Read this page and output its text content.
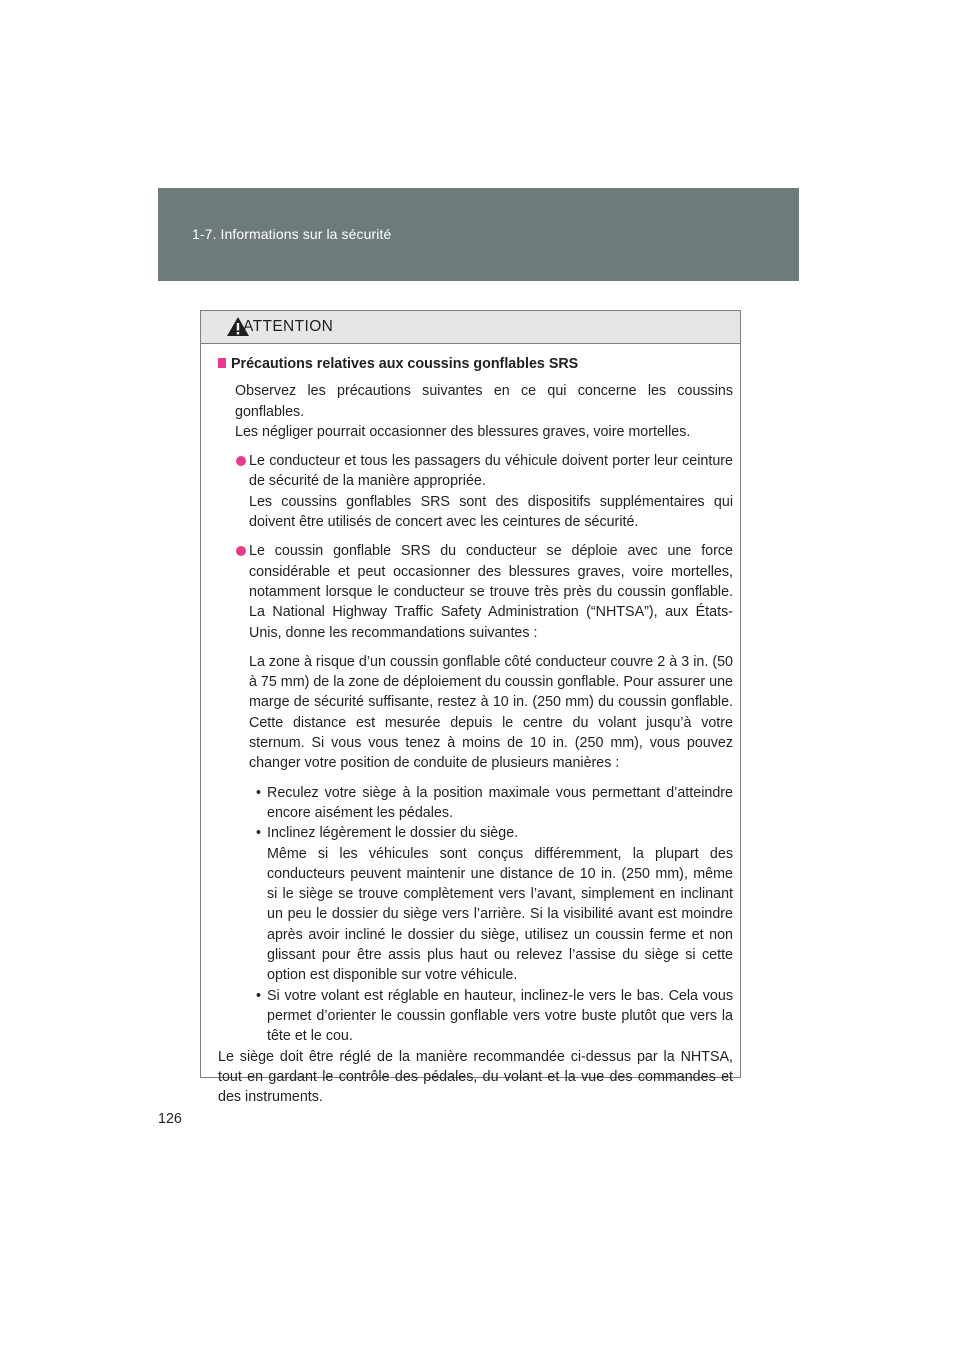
1-7. Informations sur la sécurité
ATTENTION
Précautions relatives aux coussins gonflables SRS

Observez les précautions suivantes en ce qui concerne les coussins gonflables.
Les négliger pourrait occasionner des blessures graves, voire mortelles.

Le conducteur et tous les passagers du véhicule doivent porter leur ceinture de sécurité de la manière appropriée.
Les coussins gonflables SRS sont des dispositifs supplémentaires qui doivent être utilisés de concert avec les ceintures de sécurité.
Le coussin gonflable SRS du conducteur se déploie avec une force considérable et peut occasionner des blessures graves, voire mortelles, notamment lorsque le conducteur se trouve très près du coussin gonflable. La National Highway Traffic Safety Administration (“NHTSA”), aux États-Unis, donne les recommandations suivantes :

La zone à risque d’un coussin gonflable côté conducteur couvre 2 à 3 in. (50 à 75 mm) de la zone de déploiement du coussin gonflable. Pour assurer une marge de sécurité suffisante, restez à 10 in. (250 mm) du coussin gonflable. Cette distance est mesurée depuis le centre du volant jusqu’à votre sternum. Si vous vous tenez à moins de 10 in. (250 mm), vous pouvez changer votre position de conduite de plusieurs manières :

• Reculez votre siège à la position maximale vous permettant d’atteindre encore aisément les pédales.
• Inclinez légèrement le dossier du siège.
Même si les véhicules sont conçus différemment, la plupart des conducteurs peuvent maintenir une distance de 10 in. (250 mm), même si le siège se trouve complètement vers l’avant, simplement en inclinant un peu le dossier du siège vers l’arrière. Si la visibilité avant est moindre après avoir incliné le dossier du siège, utilisez un coussin ferme et non glissant pour être assis plus haut ou relevez l’assise du siège si cette option est disponible sur votre véhicule.
• Si votre volant est réglable en hauteur, inclinez-le vers le bas. Cela vous permet d’orienter le coussin gonflable vers votre buste plutôt que vers la tête et le cou.

Le siège doit être réglé de la manière recommandée ci-dessus par la NHTSA, tout en gardant le contrôle des pédales, du volant et la vue des commandes et des instruments.

126
